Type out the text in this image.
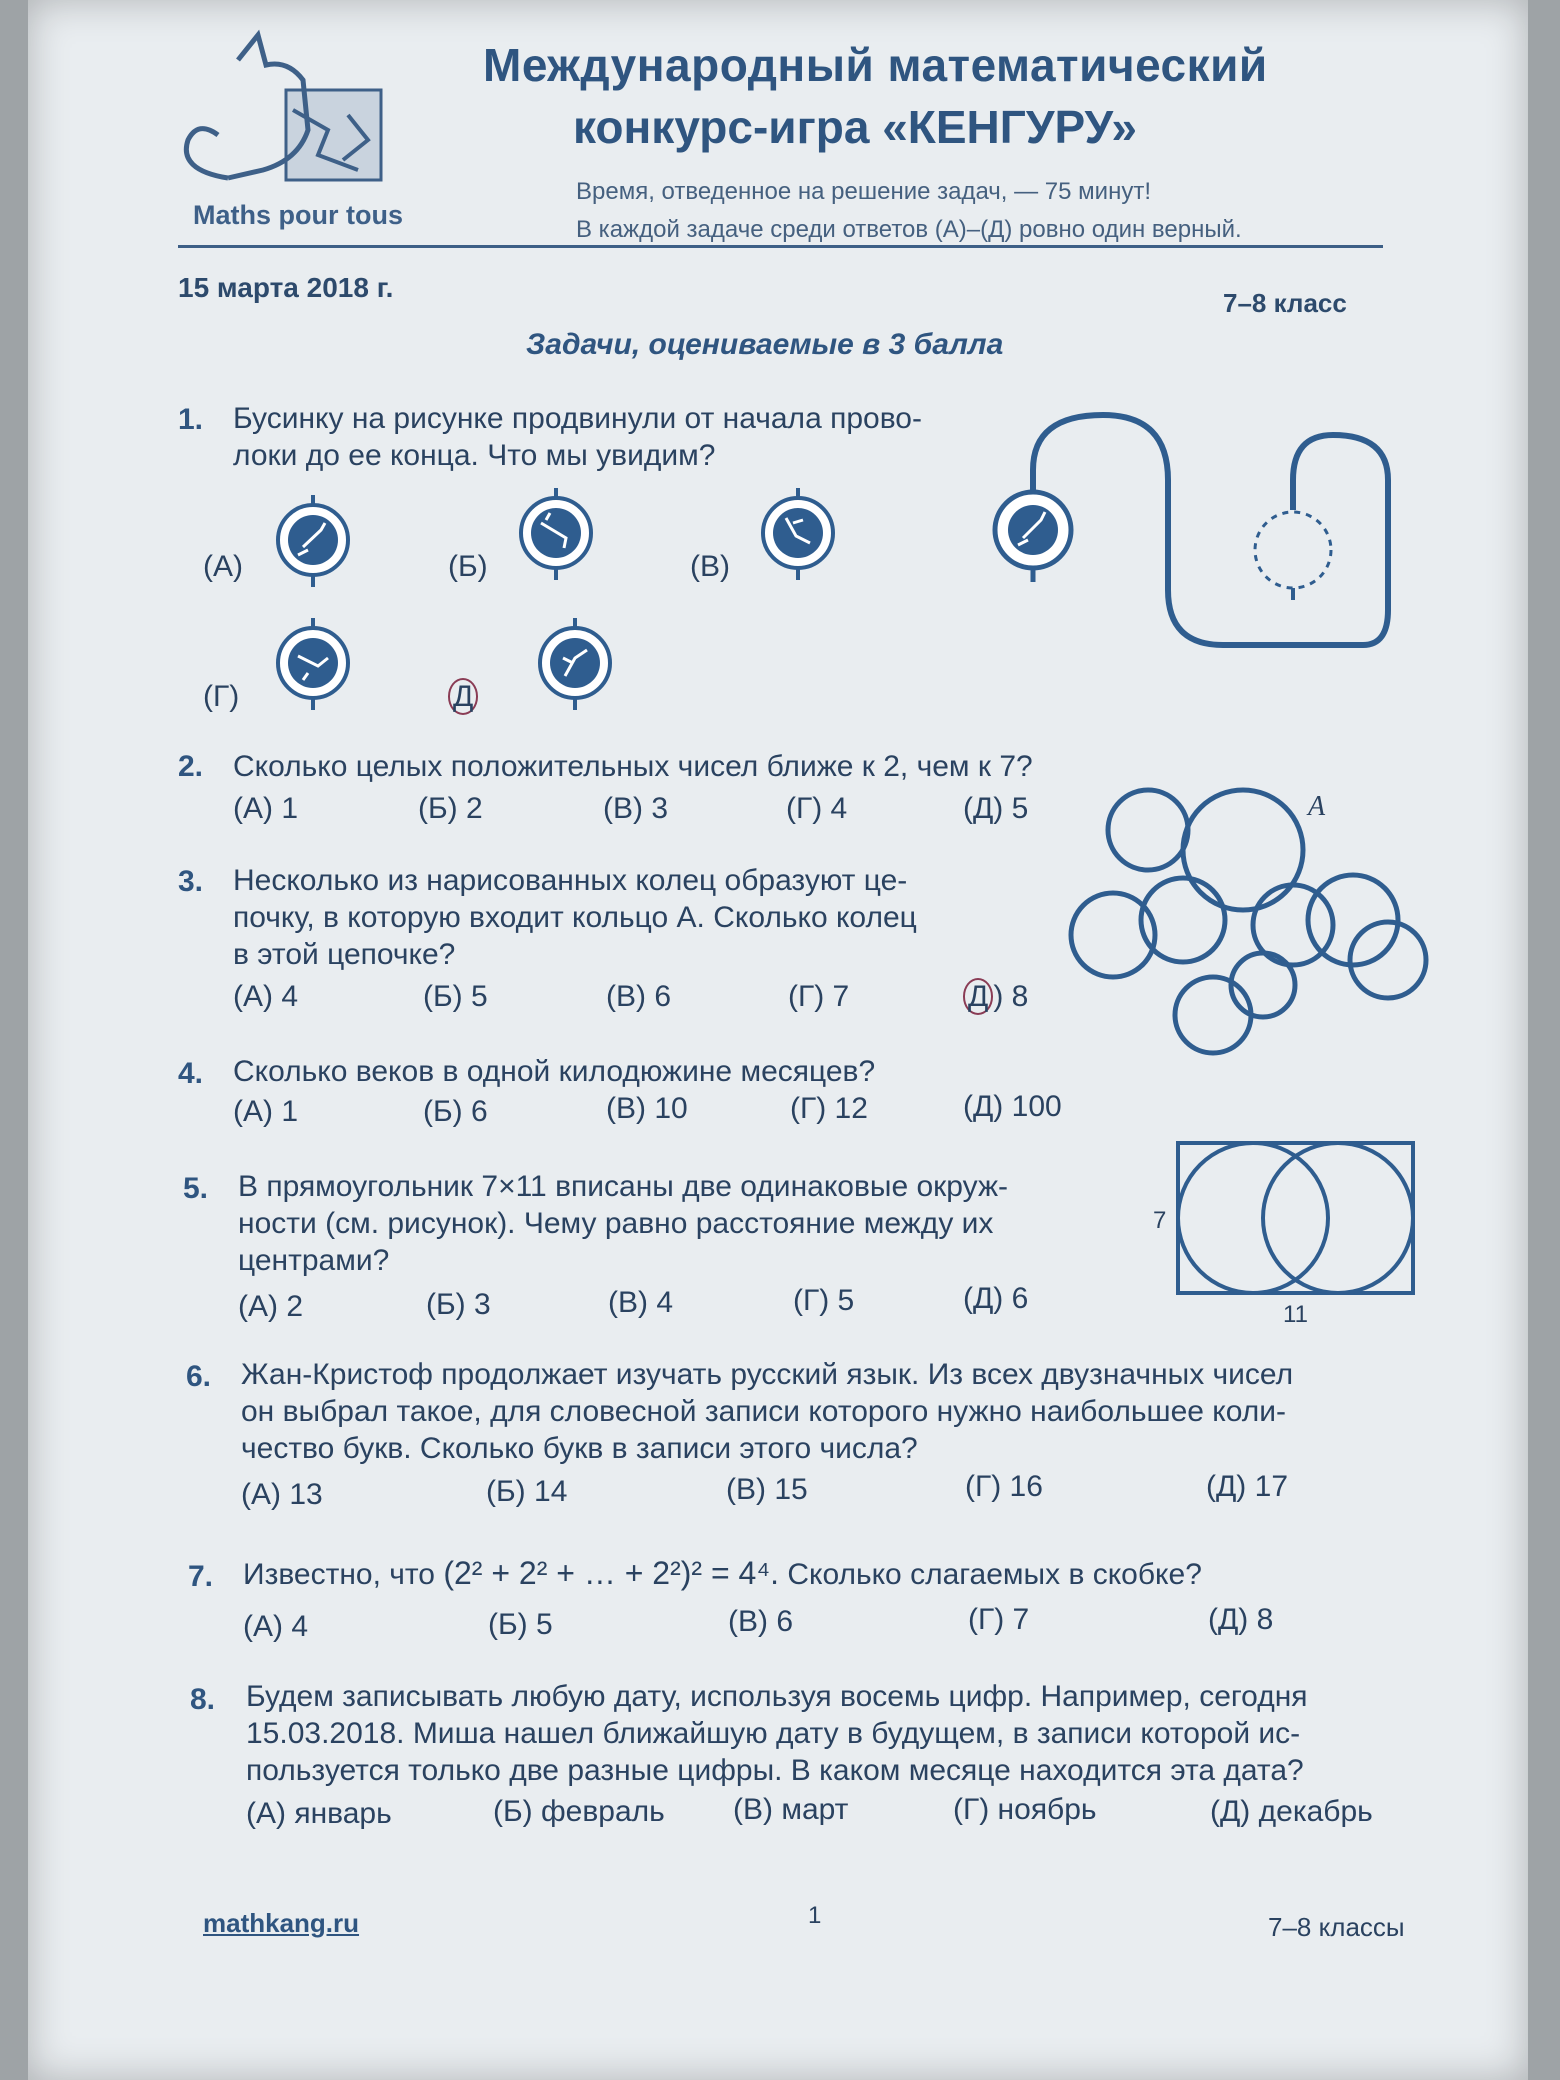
Maths pour tous
Международный математический
конкурс-игра «КЕНГУРУ»
Время, отведенное на решение задач, — 75 минут!
В каждой задаче среди ответов (А)–(Д) ровно один верный.
15 марта 2018 г.	7–8 класс
Задачи, оцениваемые в 3 балла
1. Бусинку на рисунке продвинули от начала прово-
локи до ее конца. Что мы увидим?
(А)	(Б)	(В)
(Г)	Д
2. Сколько целых положительных чисел ближе к 2, чем к 7?
(А) 1	(Б) 2	(В) 3	(Г) 4	(Д) 5	A
3. Несколько из нарисованных колец образуют це-
почку, в которую входит кольцо A. Сколько колец
в этой цепочке?
(А) 4	(Б) 5	(В) 6	(Г) 7	Д ) 8
4. Сколько веков в одной килодюжине месяцев?
(А) 1	(Б) 6	(В) 10	(Г) 12	(Д) 100
5. В прямоугольник 7×11 вписаны две одинаковые окруж-
ности (см. рисунок). Чему равно расстояние между их
центрами?
(А) 2	(Б) 3	(В) 4	(Г) 5	(Д) 6
7
11
6. Жан-Кристоф продолжает изучать русский язык. Из всех двузначных чисел
он выбрал такое, для словесной записи которого нужно наибольшее коли-
чество букв. Сколько букв в записи этого числа?
(А) 13	(Б) 14	(В) 15	(Г) 16	(Д) 17
7. Известно, что (2² + 2² + … + 2²)² = 4⁴. Сколько слагаемых в скобке?
(А) 4	(Б) 5	(В) 6	(Г) 7	(Д) 8
8. Будем записывать любую дату, используя восемь цифр. Например, сегодня
15.03.2018. Миша нашел ближайшую дату в будущем, в записи которой ис-
пользуется только две разные цифры. В каком месяце находится эта дата?
(А) январь	(Б) февраль (В) март	(Г) ноябрь	(Д) декабрь
mathkang.ru	1	7–8 классы
